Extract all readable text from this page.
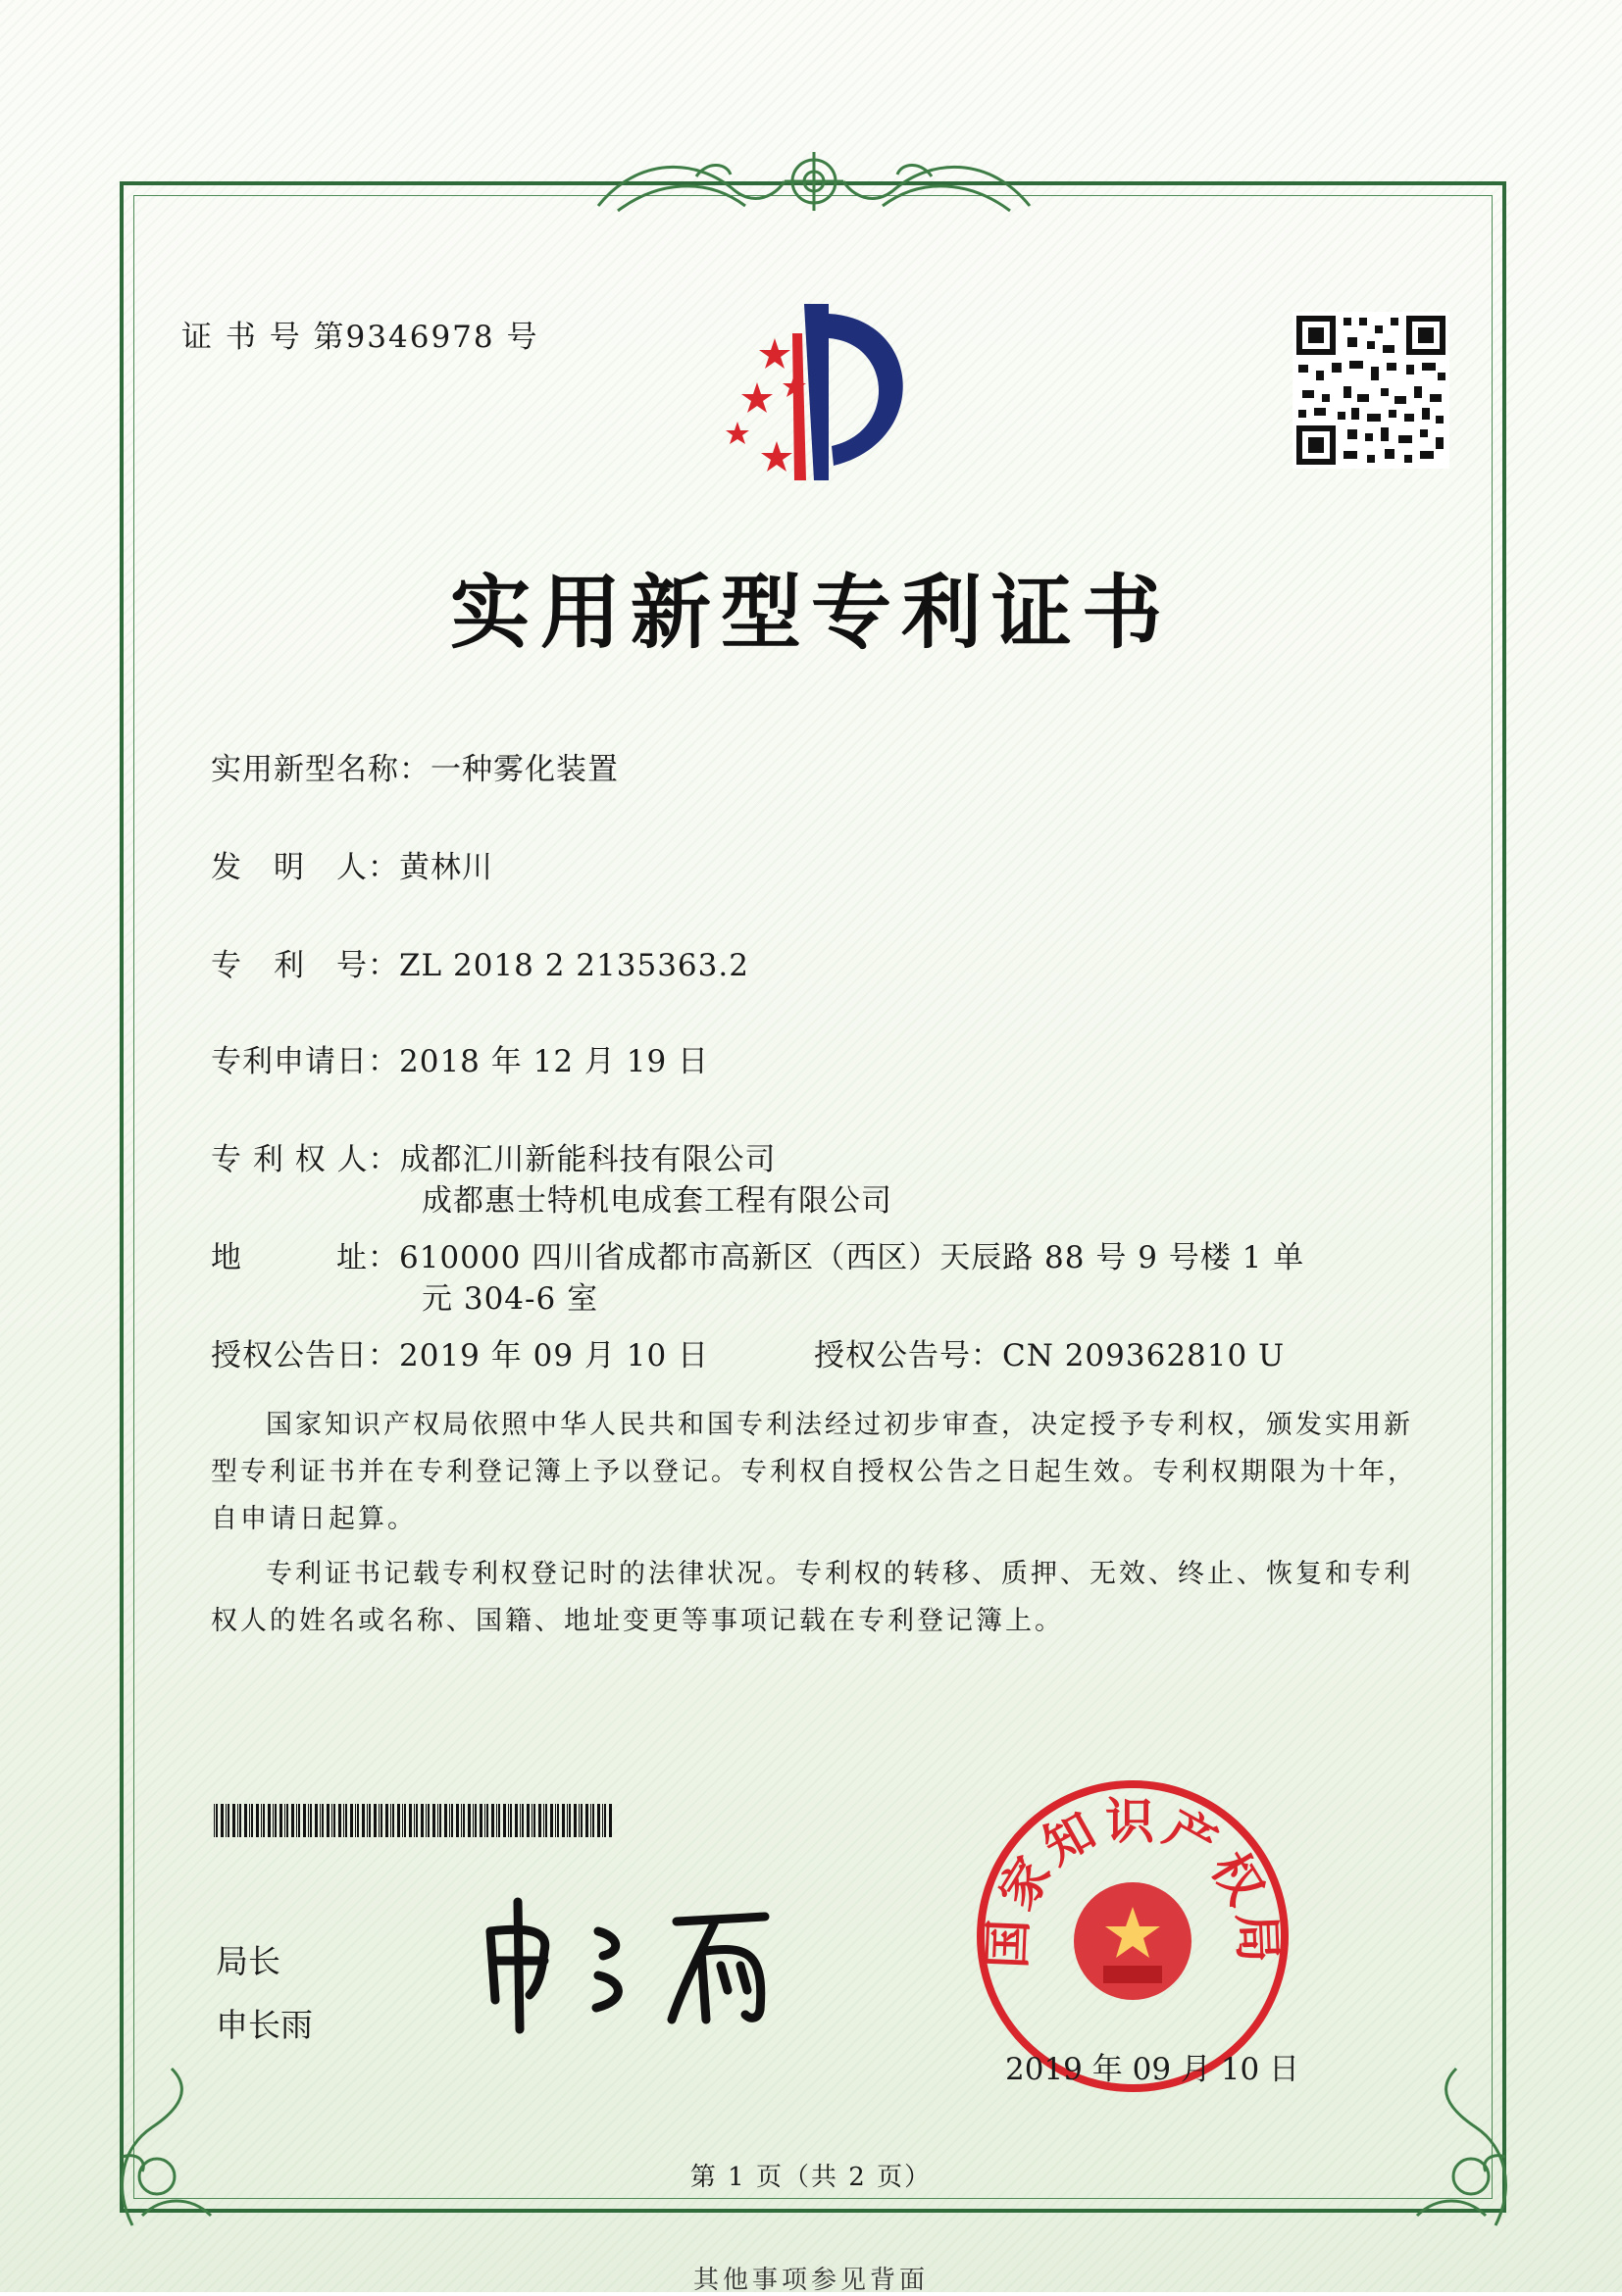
证 书 号 第9346978 号
实用新型专利证书
实用新型名称：一种雾化装置
发　明　人：黄林川
专　利　号：ZL 2018 2 2135363.2
专利申请日：2018 年 12 月 19 日
专 利 权 人：成都汇川新能科技有限公司
成都惠士特机电成套工程有限公司
地　　　址：610000 四川省成都市高新区（西区）天辰路 88 号 9 号楼 1 单
元 304-6 室
授权公告日：2019 年 09 月 10 日	授权公告号：CN 209362810 U
国家知识产权局依照中华人民共和国专利法经过初步审查，决定授予专利权，颁发实用新型专利证书并在专利登记簿上予以登记。专利权自授权公告之日起生效。专利权期限为十年，自申请日起算。
专利证书记载专利权登记时的法律状况。专利权的转移、质押、无效、终止、恢复和专利权人的姓名或名称、国籍、地址变更等事项记载在专利登记簿上。
局长
申长雨
国家知识产权局
2019 年 09 月 10 日
第 1 页（共 2 页）
其他事项参见背面
